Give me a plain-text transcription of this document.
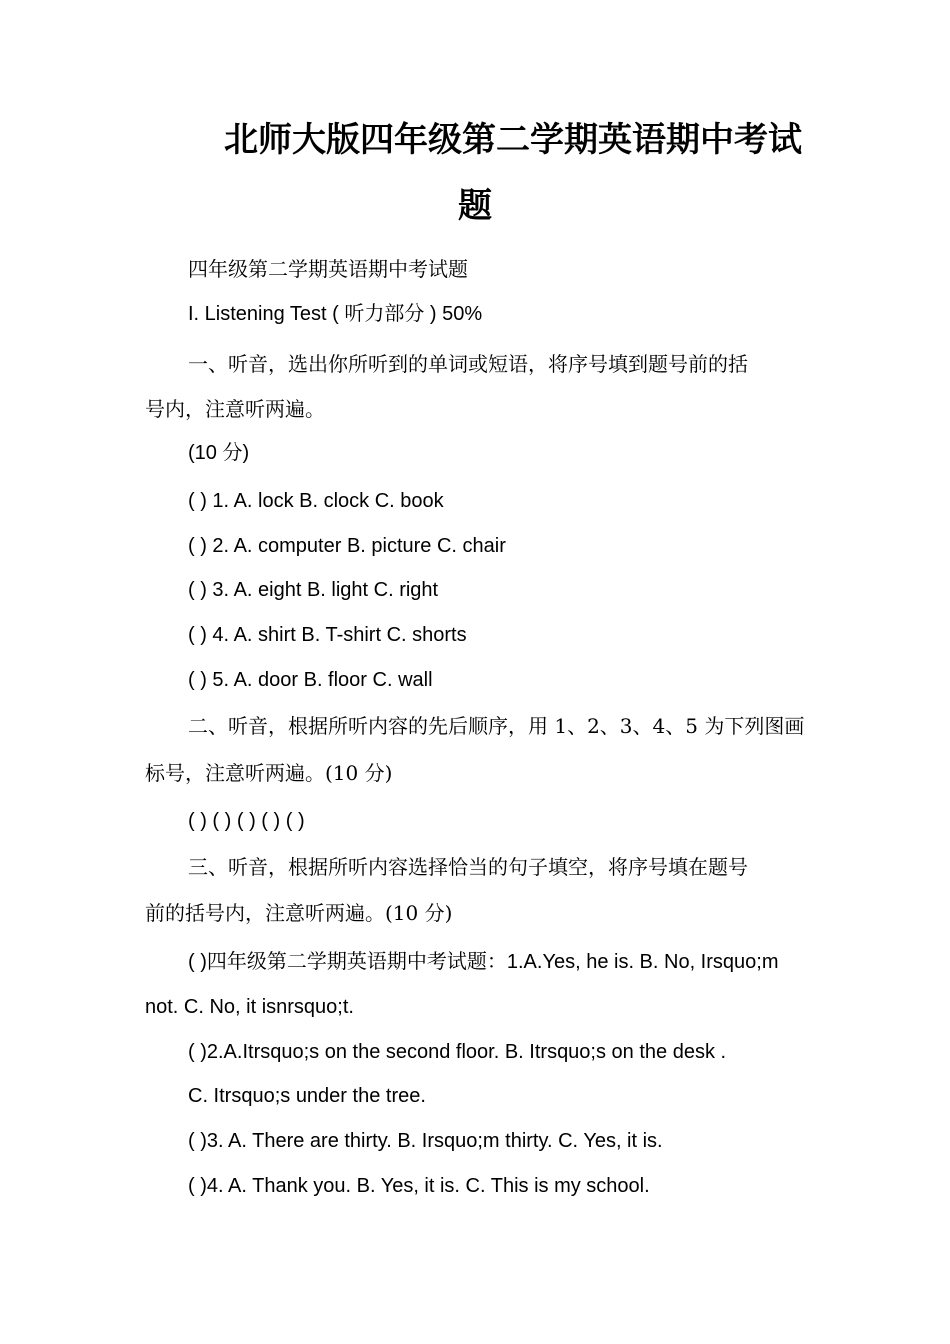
北师大版四年级第二学期英语期中考试
题
四年级第二学期英语期中考试题
I. Listening Test ( 听力部分 ) 50%
一、听音，选出你所听到的单词或短语，将序号填到题号前的括
号内，注意听两遍。
(10 分)
( ) 1. A. lock B. clock C. book
( ) 2. A. computer B. picture C. chair
( ) 3. A. eight B. light C. right
( ) 4. A. shirt B. T-shirt C. shorts
( ) 5. A. door B. floor C. wall
二、听音，根据所听内容的先后顺序，用 1、2、3、4、5 为下列图画
标号，注意听两遍。(10 分)
( ) ( ) ( ) ( ) ( )
三、听音，根据所听内容选择恰当的句子填空，将序号填在题号
前的括号内，注意听两遍。(10 分)
( )四年级第二学期英语期中考试题：1.A.Yes, he is. B. No, Irsquo;m
not. C. No, it isnrsquo;t.
( )2.A.Itrsquo;s on the second floor. B. Itrsquo;s on the desk .
C. Itrsquo;s under the tree.
( )3. A. There are thirty. B. Irsquo;m thirty. C. Yes, it is.
( )4. A. Thank you. B. Yes, it is. C. This is my school.
